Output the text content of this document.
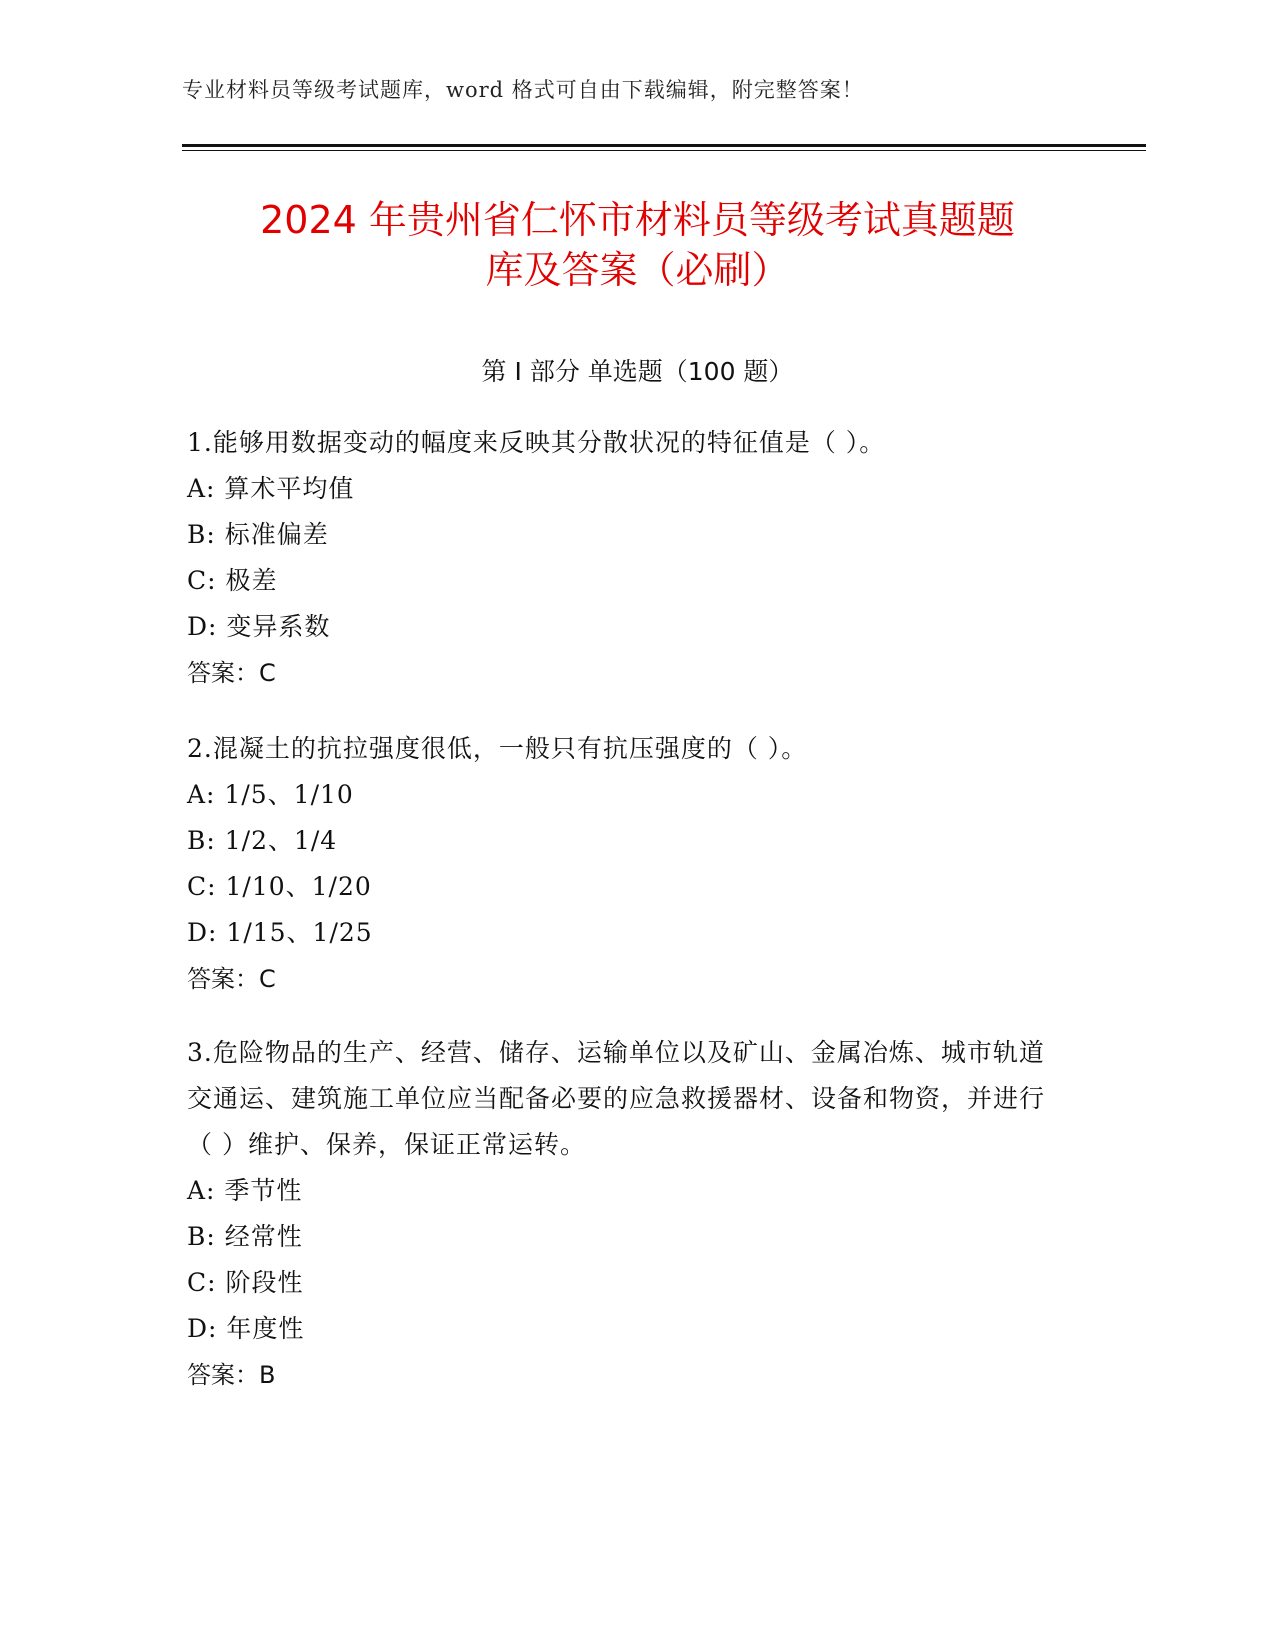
专业材料员等级考试题库，word 格式可自由下载编辑，附完整答案！
2024 年贵州省仁怀市材料员等级考试真题题
库及答案（必刷）
第 I 部分 单选题（100 题）

1.能够用数据变动的幅度来反映其分散状况的特征值是（ ）。

A: 算术平均值

B: 标准偏差

C: 极差

D: 变异系数

答案：C

2.混凝土的抗拉强度很低，一般只有抗压强度的（ ）。

A: 1/5、1/10

B: 1/2、1/4

C: 1/10、1/20

D: 1/15、1/25

答案：C

3.危险物品的生产、经营、储存、运输单位以及矿山、金属冶炼、城市轨道交通运、建筑施工单位应当配备必要的应急救援器材、设备和物资，并进行（ ）维护、保养，保证正常运转。

A: 季节性

B: 经常性

C: 阶段性

D: 年度性

答案：B
